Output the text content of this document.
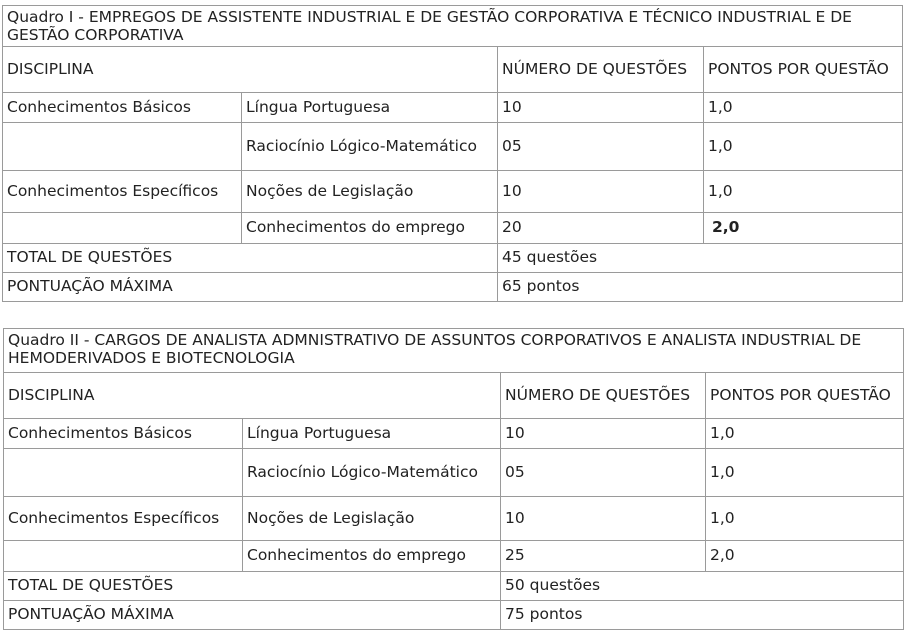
Quadro I - EMPREGOS DE ASSISTENTE INDUSTRIAL E DE GESTÃO CORPORATIVA E TÉCNICO INDUSTRIAL E DE GESTÃO CORPORATIVA			
DISCIPLINA		NÚMERO DE QUESTÕES	PONTOS POR QUESTÃO
Conhecimentos Básicos	Língua Portuguesa	10	1,0
	Raciocínio Lógico-Matemático	05	1,0
Conhecimentos Específicos	Noções de Legislação	10	1,0
	Conhecimentos do emprego	20	2,0
TOTAL DE QUESTÕES		45 questões	
PONTUAÇÃO MÁXIMA		65 pontos	
Quadro II - CARGOS DE ANALISTA ADMNISTRATIVO DE ASSUNTOS CORPORATIVOS E ANALISTA INDUSTRIAL DE HEMODERIVADOS E BIOTECNOLOGIA			
DISCIPLINA		NÚMERO DE QUESTÕES	PONTOS POR QUESTÃO
Conhecimentos Básicos	Língua Portuguesa	10	1,0
	Raciocínio Lógico-Matemático	05	1,0
Conhecimentos Específicos	Noções de Legislação	10	1,0
	Conhecimentos do emprego	25	2,0
TOTAL DE QUESTÕES		50 questões	
PONTUAÇÃO MÁXIMA		75 pontos	
